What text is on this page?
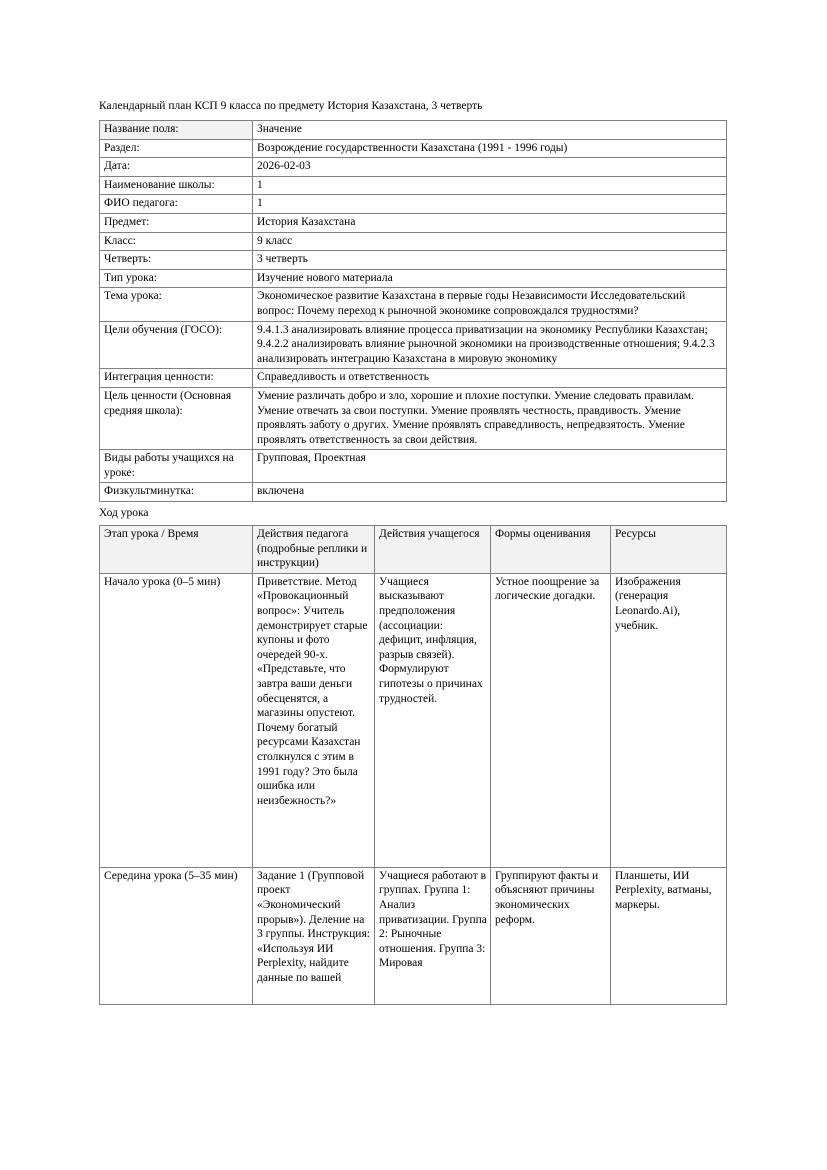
Календарный план КСП 9 класса по предмету История Казахстана, 3 четверть

Название поля:	Значение
Раздел:	Возрождение государственности Казахстана (1991 - 1996 годы)
Дата:	2026-02-03
Наименование школы:	1
ФИО педагога:	1
Предмет:	История Казахстана
Класс:	9 класс
Четверть:	3 четверть
Тип урока:	Изучение нового материала
Тема урока:	Экономическое развитие Казахстана в первые годы Независимости Исследовательский вопрос: Почему переход к рыночной экономике сопровождался трудностями?
Цели обучения (ГОСО):	9.4.1.3 анализировать влияние процесса приватизации на экономику Республики Казахстан; 9.4.2.2 анализировать влияние рыночной экономики на производственные отношения; 9.4.2.3 анализировать интеграцию Казахстана в мировую экономику
Интеграция ценности:	Справедливость и ответственность
Цель ценности (Основная средняя школа):	Умение различать добро и зло, хорошие и плохие поступки. Умение следовать правилам. Умение отвечать за свои поступки. Умение проявлять честность, правдивость. Умение проявлять заботу о других. Умение проявлять справедливость, непредвзятость. Умение проявлять ответственность за свои действия.
Виды работы учащихся на уроке:	Групповая, Проектная
Физкультминутка:	включена

Ход урока

Этап урока / Время	Действия педагога (подробные реплики и инструкции)	Действия учащегося	Формы оценивания	Ресурсы
Начало урока (0–5 мин)	Приветствие. Метод «Провокационный вопрос»: Учитель демонстрирует старые купоны и фото очередей 90-х. «Представьте, что завтра ваши деньги обесценятся, а магазины опустеют. Почему богатый ресурсами Казахстан столкнулся с этим в 1991 году? Это была ошибка или неизбежность?»	Учащиеся высказывают предположения (ассоциации: дефицит, инфляция, разрыв связей). Формулируют гипотезы о причинах трудностей.	Устное поощрение за логические догадки.	Изображения (генерация Leonardo.Ai), учебник.
Середина урока (5–35 мин)	Задание 1 (Групповой проект «Экономический прорыв»). Деление на 3 группы. Инструкция: «Используя ИИ Perplexity, найдите данные по вашей	Учащиеся работают в группах. Группа 1: Анализ приватизации. Группа 2: Рыночные отношения. Группа 3: Мировая	Группируют факты и объясняют причины экономических реформ.	Планшеты, ИИ Perplexity, ватманы, маркеры.
